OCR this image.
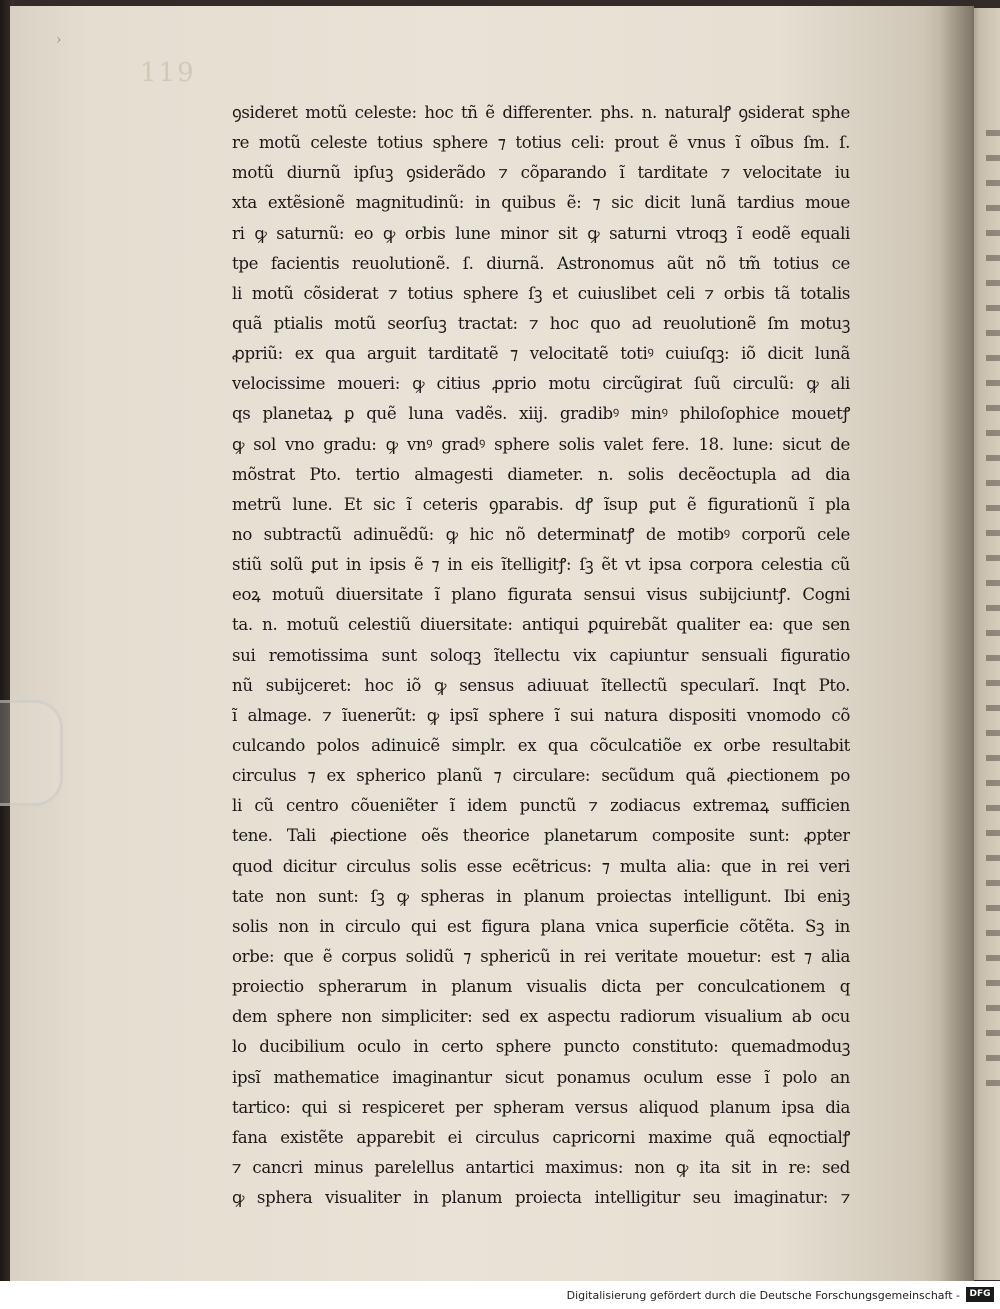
›
119
ꝯsideret motũ celeste: hoc tñ ẽ differenter. phs. n. naturalꝭ ꝯsiderat sphe
re motũ celeste totius sphere ⁊ totius celi: prout ẽ vnus ĩ oĩbus ſm. ſ.
motũ diurnũ ipſuꝫ ꝯsiderãdo ⁊ cõparando ĩ tarditate ⁊ velocitate iu
xta extẽsionẽ magnitudinũ: in quibus ẽ: ⁊ sic dicit lunã tardius moue
ri ꝙ saturnũ: eo ꝙ orbis lune minor sit ꝙ saturni vtroqꝫ ĩ eodẽ equali
tpe facientis reuolutionẽ. ſ. diurnã. Astronomus aũt nõ tm̃ totius ce
li motũ cõsiderat ⁊ totius sphere ſꝫ et cuiuslibet celi ⁊ orbis tã totalis
quã ptialis motũ seorſuꝫ tractat: ⁊ hoc quo ad reuolutionẽ ſm motuꝫ
ꝓpriũ: ex qua arguit tarditatẽ ⁊ velocitatẽ totiꝰ cuiuſqꝫ: iõ dicit lunã
velocissime moueri: ꝙ citius ꝓprio motu circũgirat ſuũ circulũ: ꝙ ali
qs planetaꝝ ꝑ quẽ luna vadẽs. xiij. gradibꝰ minꝰ philoſophice mouetꝭ
ꝙ sol vno gradu: ꝙ vnꝰ gradꝰ sphere solis valet fere. 18. lune: sicut de
mõstrat Pto. tertio almagesti diameter. n. solis decẽoctupla ad dia
metrũ lune. Et sic ĩ ceteris ꝯparabis. dꝭ ĩsup ꝑut ẽ figurationũ ĩ pla
no subtractũ adinuẽdũ: ꝙ hic nõ determinatꝭ de motibꝰ corporũ cele
stiũ solũ ꝑut in ipsis ẽ ⁊ in eis ĩtelligitꝭ: ſꝫ ẽt vt ipsa corpora celestia cũ
eoꝝ motuũ diuersitate ĩ plano figurata sensui visus subijciuntꝭ. Cogni
ta. n. motuũ celestiũ diuersitate: antiqui ꝑquirebãt qualiter ea: que sen
sui remotissima sunt soloqꝫ ĩtellectu vix capiuntur sensuali figuratio
nũ subijceret: hoc iõ ꝙ sensus adiuuat ĩtellectũ specularĩ. Inqt Pto.
ĩ almage. ⁊ ĩuenerũt: ꝙ ipsĩ sphere ĩ sui natura dispositi vnomodo cõ
culcando polos adinuicẽ simplr. ex qua cõculcatiõe ex orbe resultabit
circulus ⁊ ex spherico planũ ⁊ circulare: secũdum quã ꝓiectionem po
li cũ centro cõueniẽter ĩ idem punctũ ⁊ zodiacus extremaꝝ sufficien
tene. Tali ꝓiectione oẽs theorice planetarum composite sunt: ꝓpter
quod dicitur circulus solis esse ecẽtricus: ⁊ multa alia: que in rei veri
tate non sunt: ſꝫ ꝙ spheras in planum proiectas intelligunt. Ibi eniꝫ
solis non in circulo qui est figura plana vnica superficie cõtẽta. Sꝫ in
orbe: que ẽ corpus solidũ ⁊ sphericũ in rei veritate mouetur: est ⁊ alia
proiectio spherarum in planum visualis dicta per conculcationem q
dem sphere non simpliciter: sed ex aspectu radiorum visualium ab ocu
lo ducibilium oculo in certo sphere puncto constituto: quemadmoduꝫ
ipsĩ mathematice imaginantur sicut ponamus oculum esse ĩ polo an
tartico: qui si respiceret per spheram versus aliquod planum ipsa dia
fana existẽte apparebit ei circulus capricorni maxime quã eqnoctialꝭ
⁊ cancri minus parelellus antartici maximus: non ꝙ ita sit in re: sed
ꝙ sphera visualiter in planum proiecta intelligitur seu imaginatur: ⁊
Digitalisierung gefördert durch die Deutsche Forschungsgemeinschaft -	DFG
